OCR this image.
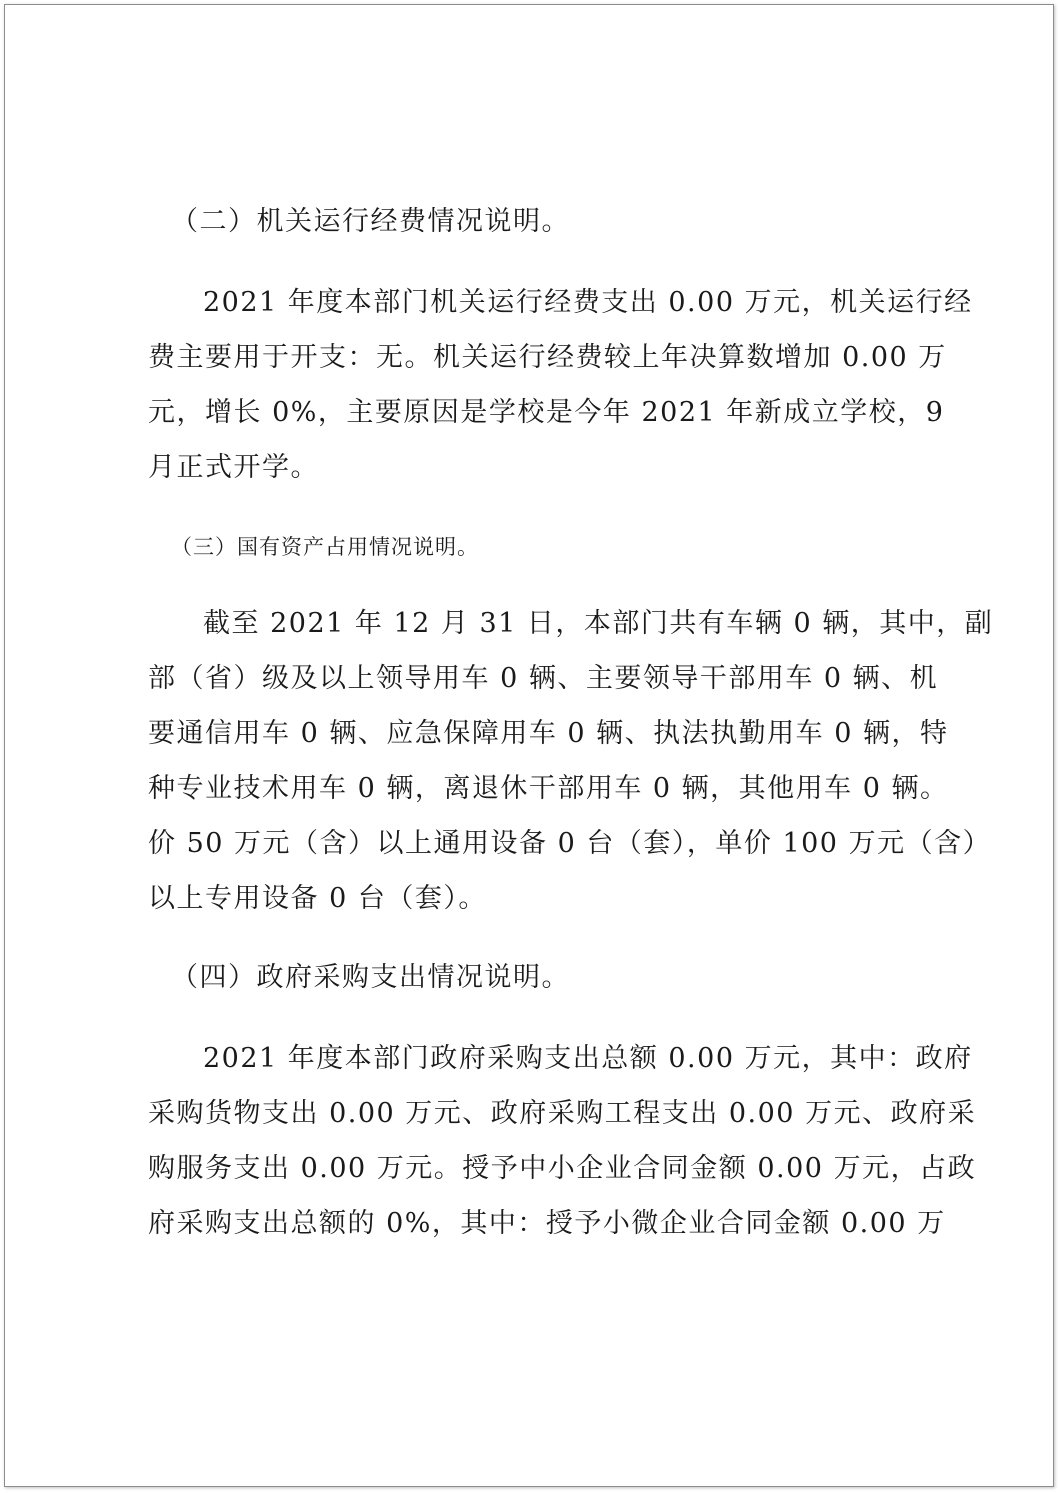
（二）机关运行经费情况说明。
2021 年度本部门机关运行经费支出 0.00 万元，机关运行经
费主要用于开支：无。机关运行经费较上年决算数增加 0.00 万
元，增长 0%，主要原因是学校是今年 2021 年新成立学校，9
月正式开学。
（三）国有资产占用情况说明。
截至 2021 年 12 月 31 日，本部门共有车辆 0 辆，其中，副
部（省）级及以上领导用车 0 辆、主要领导干部用车 0 辆、机
要通信用车 0 辆、应急保障用车 0 辆、执法执勤用车 0 辆，特
种专业技术用车 0 辆，离退休干部用车 0 辆，其他用车 0 辆。
价 50 万元（含）以上通用设备 0 台（套），单价 100 万元（含）
以上专用设备 0 台（套）。
（四）政府采购支出情况说明。
2021 年度本部门政府采购支出总额 0.00 万元，其中：政府
采购货物支出 0.00 万元、政府采购工程支出 0.00 万元、政府采
购服务支出 0.00 万元。授予中小企业合同金额 0.00 万元，占政
府采购支出总额的 0%，其中：授予小微企业合同金额 0.00 万
